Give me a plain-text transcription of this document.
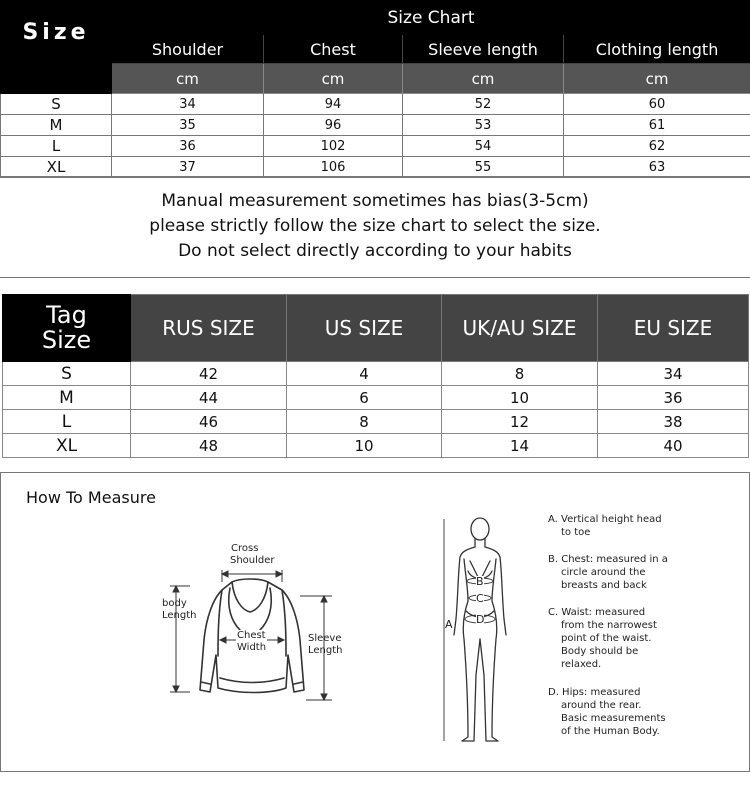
Size	Size Chart			
	Shoulder	Chest	Sleeve length	Clothing length
	cm	cm	cm	cm
S	34	94	52	60
M	35	96	53	61
L	36	102	54	62
XL	37	106	55	63
Manual measurement sometimes has bias(3-5cm)
please strictly follow the size chart to select the size.
Do not select directly according to your habits
Tag
Size	RUS SIZE	US SIZE	UK/AU SIZE	EU SIZE
S	42	4	8	34
M	44	6	10	36
L	46	8	12	38
XL	48	10	14	40
How To Measure
Cross
Shoulder
body
Length
Chest
Width
Sleeve
Length
A
B
C
D
A. Vertical height head
to toe
B. Chest: measured in a
circle around the
breasts and back
C. Waist: measured
from the narrowest
point of the waist.
Body should be
relaxed.
D. Hips: measured
around the rear.
Basic measurements
of the Human Body.
